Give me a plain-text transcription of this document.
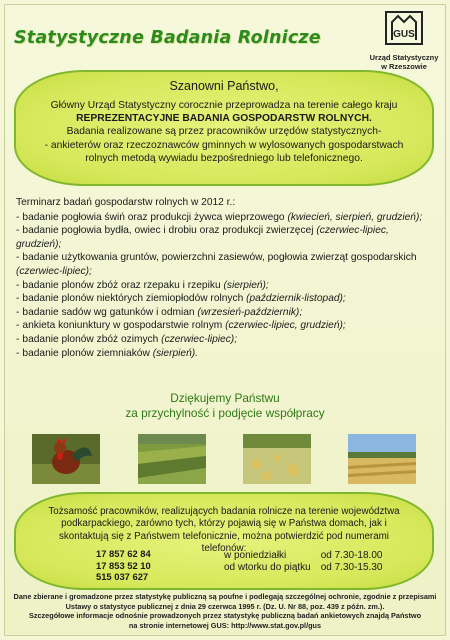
Statystyczne Badania Rolnicze	GUS
Urząd Statystyczny
w Rzeszowie
Szanowni Państwo,
Główny Urząd Statystyczny corocznie przeprowadza na terenie całego kraju
REPREZENTACYJNE BADANIA GOSPODARSTW ROLNYCH.
Badania realizowane są przez pracowników urzędów statystycznych-
- ankieterów oraz rzeczoznawców gminnych w wylosowanych gospodarstwach
rolnych metodą wywiadu bezpośredniego lub telefonicznego.
Terminarz badań gospodarstw rolnych w 2012 r.:
- badanie pogłowia świń oraz produkcji żywca wieprzowego (kwiecień, sierpień, grudzień);
- badanie pogłowia bydła, owiec i drobiu oraz produkcji zwierzęcej (czerwiec-lipiec, grudzień);
- badanie użytkowania gruntów, powierzchni zasiewów, pogłowia zwierząt gospodarskich (czerwiec-lipiec);
- badanie plonów zbóż oraz rzepaku i rzepiku (sierpień);
- badanie plonów niektórych ziemiopłodów rolnych (październik-listopad);
- badanie sadów wg gatunków i odmian (wrzesień-październik);
- ankieta koniunktury w gospodarstwie rolnym (czerwiec-lipiec, grudzień);
- badanie plonów zbóż ozimych (czerwiec-lipiec);
- badanie plonów ziemniaków (sierpień).
Dziękujemy Państwu
za przychylność i podjęcie współpracy
Tożsamość pracowników, realizujących badania rolnicze na terenie województwa podkarpackiego, zarówno tych, którzy pojawią się w Państwa domach, jak i skontaktują się z Państwem telefonicznie, można potwierdzić pod numerami telefonów:
17 857 62 84
17 853 52 10
515 037 627
w poniedziałki	od 7.30-18.00
od wtorku do piątku	od 7.30-15.30
Dane zbierane i gromadzone przez statystykę publiczną są poufne i podlegają szczególnej ochronie, zgodnie z przepisami
Ustawy o statystyce publicznej z dnia 29 czerwca 1995 r. (Dz. U. Nr 88, poz. 439 z późn. zm.).
Szczegółowe informacje odnośnie prowadzonych przez statystykę publiczną badań ankietowych znajdą Państwo
na stronie internetowej GUS: http://www.stat.gov.pl/gus
